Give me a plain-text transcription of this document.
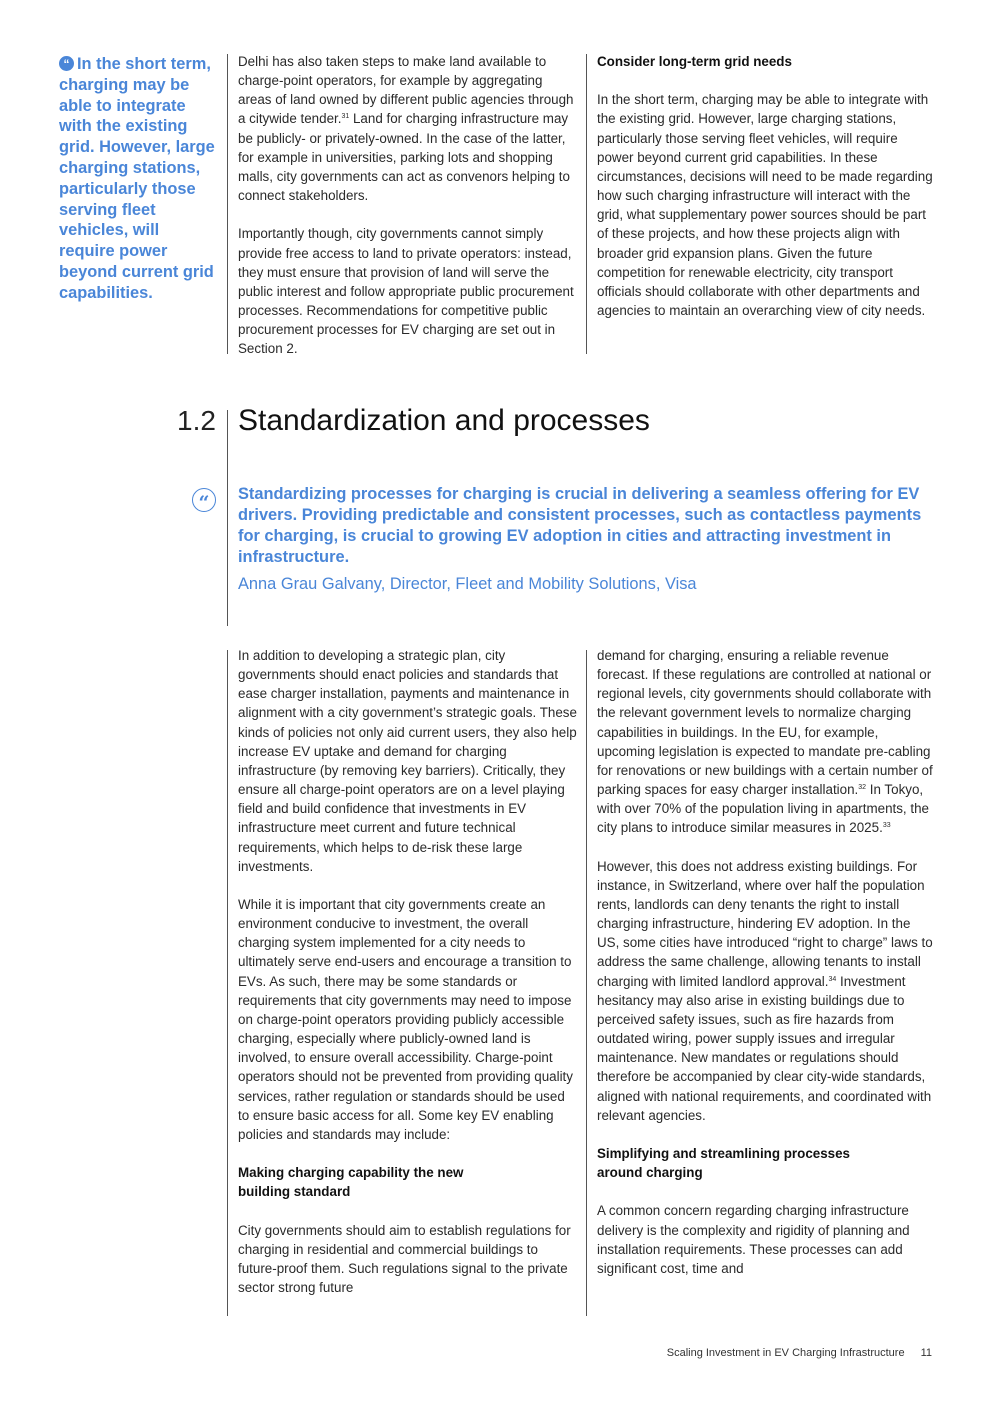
“ In the short term, charging may be able to integrate with the existing grid. However, large charging stations, particularly those serving fleet vehicles, will require power beyond current grid capabilities.

Delhi has also taken steps to make land available to charge-point operators, for example by aggregating areas of land owned by different public agencies through a citywide tender.$^{31}$ Land for charging infrastructure may be publicly- or privately-owned. In the case of the latter, for example in universities, parking lots and shopping malls, city governments can act as convenors helping to connect stakeholders.

Importantly though, city governments cannot simply provide free access to land to private operators: instead, they must ensure that provision of land will serve the public interest and follow appropriate public procurement processes. Recommendations for competitive public procurement processes for EV charging are set out in Section 2.

Consider long-term grid needs

In the short term, charging may be able to integrate with the existing grid. However, large charging stations, particularly those serving fleet vehicles, will require power beyond current grid capabilities. In these circumstances, decisions will need to be made regarding how such charging infrastructure will interact with the grid, what supplementary power sources should be part of these projects, and how these projects align with broader grid expansion plans. Given the future competition for renewable electricity, city transport officials should collaborate with other departments and agencies to maintain an overarching view of city needs.

1.2 Standardization and processes
“	Standardizing processes for charging is crucial in delivering a seamless offering for EV drivers. Providing predictable and consistent processes, such as contactless payments for charging, is crucial to growing EV adoption in cities and attracting investment in infrastructure.
Anna Grau Galvany, Director, Fleet and Mobility Solutions, Visa

In addition to developing a strategic plan, city governments should enact policies and standards that ease charger installation, payments and maintenance in alignment with a city government’s strategic goals. These kinds of policies not only aid current users, they also help increase EV uptake and demand for charging infrastructure (by removing key barriers). Critically, they ensure all charge-point operators are on a level playing field and build confidence that investments in EV infrastructure meet current and future technical requirements, which helps to de-risk these large investments.

While it is important that city governments create an environment conducive to investment, the overall charging system implemented for a city needs to ultimately serve end-users and encourage a transition to EVs. As such, there may be some standards or requirements that city governments may need to impose on charge-point operators providing publicly accessible charging, especially where publicly-owned land is involved, to ensure overall accessibility. Charge-point operators should not be prevented from providing quality services, rather regulation or standards should be used to ensure basic access for all. Some key EV enabling policies and standards may include:

Making charging capability the new building standard

City governments should aim to establish regulations for charging in residential and commercial buildings to future-proof them. Such regulations signal to the private sector strong future

demand for charging, ensuring a reliable revenue forecast. If these regulations are controlled at national or regional levels, city governments should collaborate with the relevant government levels to normalize charging capabilities in buildings. In the EU, for example, upcoming legislation is expected to mandate pre-cabling for renovations or new buildings with a certain number of parking spaces for easy charger installation.$^{32}$ In Tokyo, with over 70% of the population living in apartments, the city plans to introduce similar measures in 2025.33

However, this does not address existing buildings. For instance, in Switzerland, where over half the population rents, landlords can deny tenants the right to install charging infrastructure, hindering EV adoption. In the US, some cities have introduced “right to charge” laws to address the same challenge, allowing tenants to install charging with limited landlord approval.$^{34}$ Investment hesitancy may also arise in existing buildings due to perceived safety issues, such as fire hazards from outdated wiring, power supply issues and irregular maintenance. New mandates or regulations should therefore be accompanied by clear city-wide standards, aligned with national requirements, and coordinated with relevant agencies.

Simplifying and streamlining processes around charging

A common concern regarding charging infrastructure delivery is the complexity and rigidity of planning and installation requirements. These processes can add significant cost, time and

Scaling Investment in EV Charging Infrastructure 11
